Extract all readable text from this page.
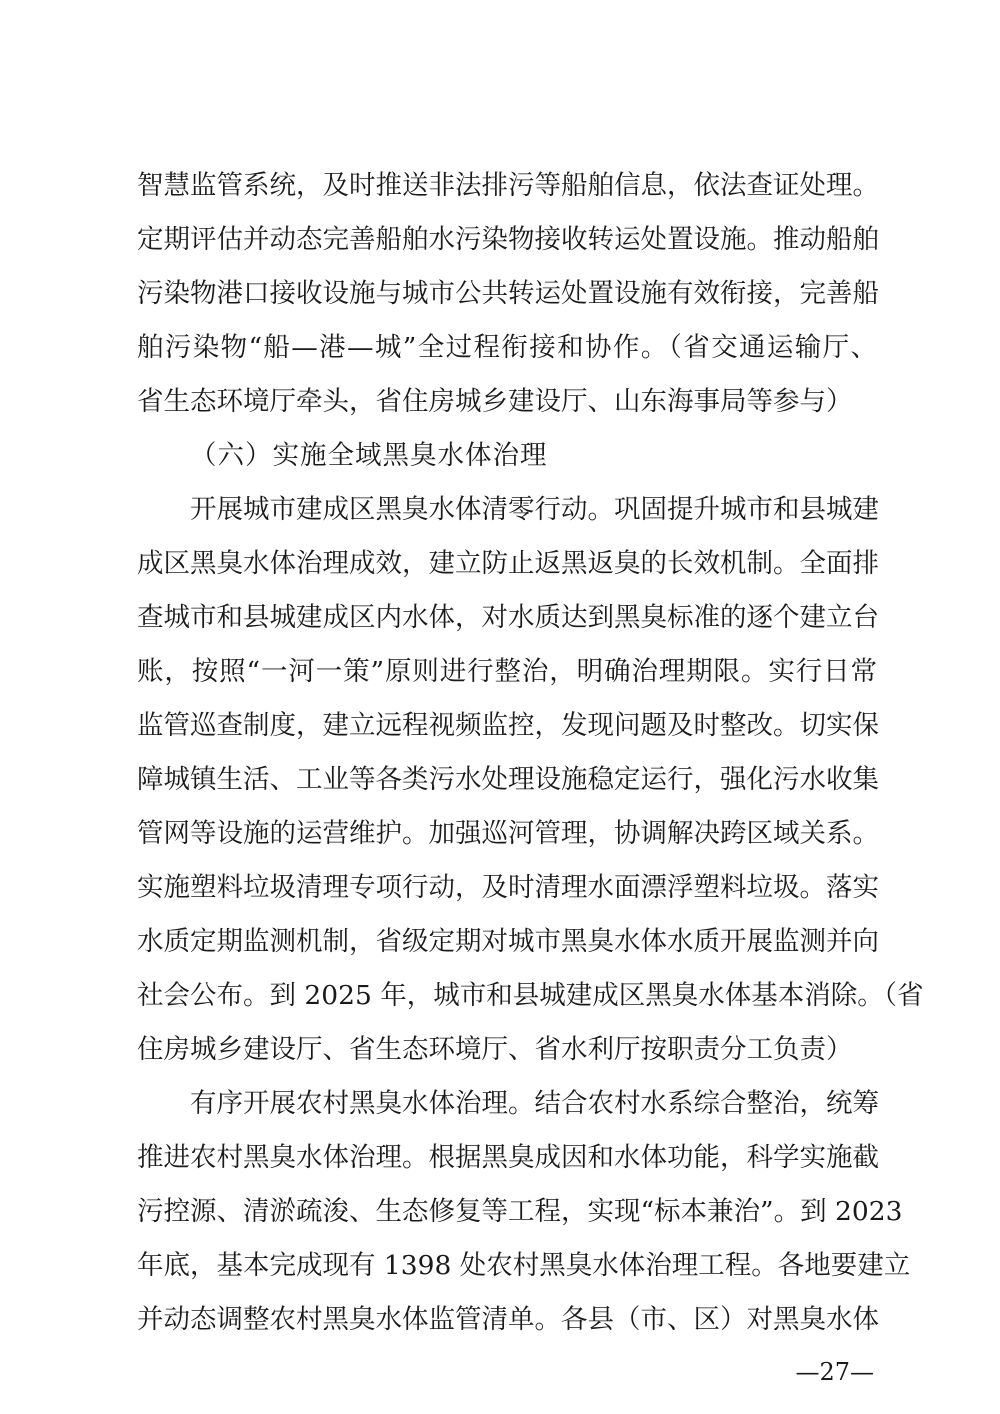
智慧监管系统，及时推送非法排污等船舶信息，依法查证处理。
定期评估并动态完善船舶水污染物接收转运处置设施。推动船舶
污染物港口接收设施与城市公共转运处置设施有效衔接，完善船
舶污染物“船—港—城”全过程衔接和协作。（省交通运输厅、
省生态环境厅牵头，省住房城乡建设厅、山东海事局等参与）
（六）实施全域黑臭水体治理
开展城市建成区黑臭水体清零行动。巩固提升城市和县城建
成区黑臭水体治理成效，建立防止返黑返臭的长效机制。全面排
查城市和县城建成区内水体，对水质达到黑臭标准的逐个建立台
账，按照“一河一策”原则进行整治，明确治理期限。实行日常
监管巡查制度，建立远程视频监控，发现问题及时整改。切实保
障城镇生活、工业等各类污水处理设施稳定运行，强化污水收集
管网等设施的运营维护。加强巡河管理，协调解决跨区域关系。
实施塑料垃圾清理专项行动，及时清理水面漂浮塑料垃圾。落实
水质定期监测机制，省级定期对城市黑臭水体水质开展监测并向
社会公布。到 2025 年，城市和县城建成区黑臭水体基本消除。（省
住房城乡建设厅、省生态环境厅、省水利厅按职责分工负责）
有序开展农村黑臭水体治理。结合农村水系综合整治，统筹
推进农村黑臭水体治理。根据黑臭成因和水体功能，科学实施截
污控源、清淤疏浚、生态修复等工程，实现“标本兼治”。到 2023
年底，基本完成现有 1398 处农村黑臭水体治理工程。各地要建立
并动态调整农村黑臭水体监管清单。各县（市、区）对黑臭水体
—27—
